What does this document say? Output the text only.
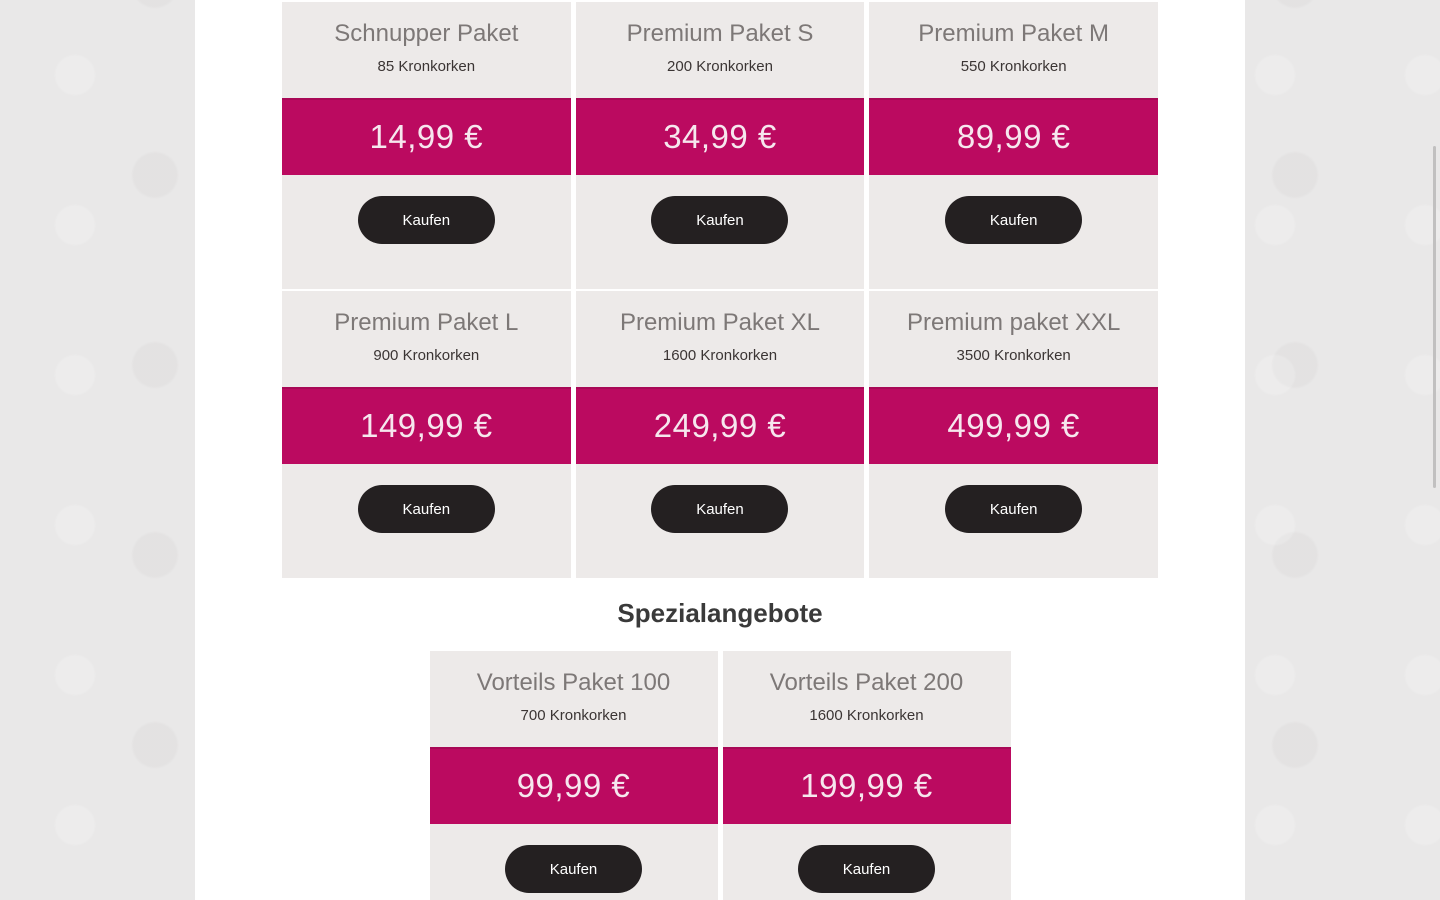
Schnupper Paket
85 Kronkorken
14,99 €
Kaufen
Premium Paket S
200 Kronkorken
34,99 €
Kaufen
Premium Paket M
550 Kronkorken
89,99 €
Kaufen
Premium Paket L
900 Kronkorken
149,99 €
Kaufen
Premium Paket XL
1600 Kronkorken
249,99 €
Kaufen
Premium paket XXL
3500 Kronkorken
499,99 €
Kaufen
Spezialangebote
Vorteils Paket 100
700 Kronkorken
99,99 €
Kaufen
Vorteils Paket 200
1600 Kronkorken
199,99 €
Kaufen
